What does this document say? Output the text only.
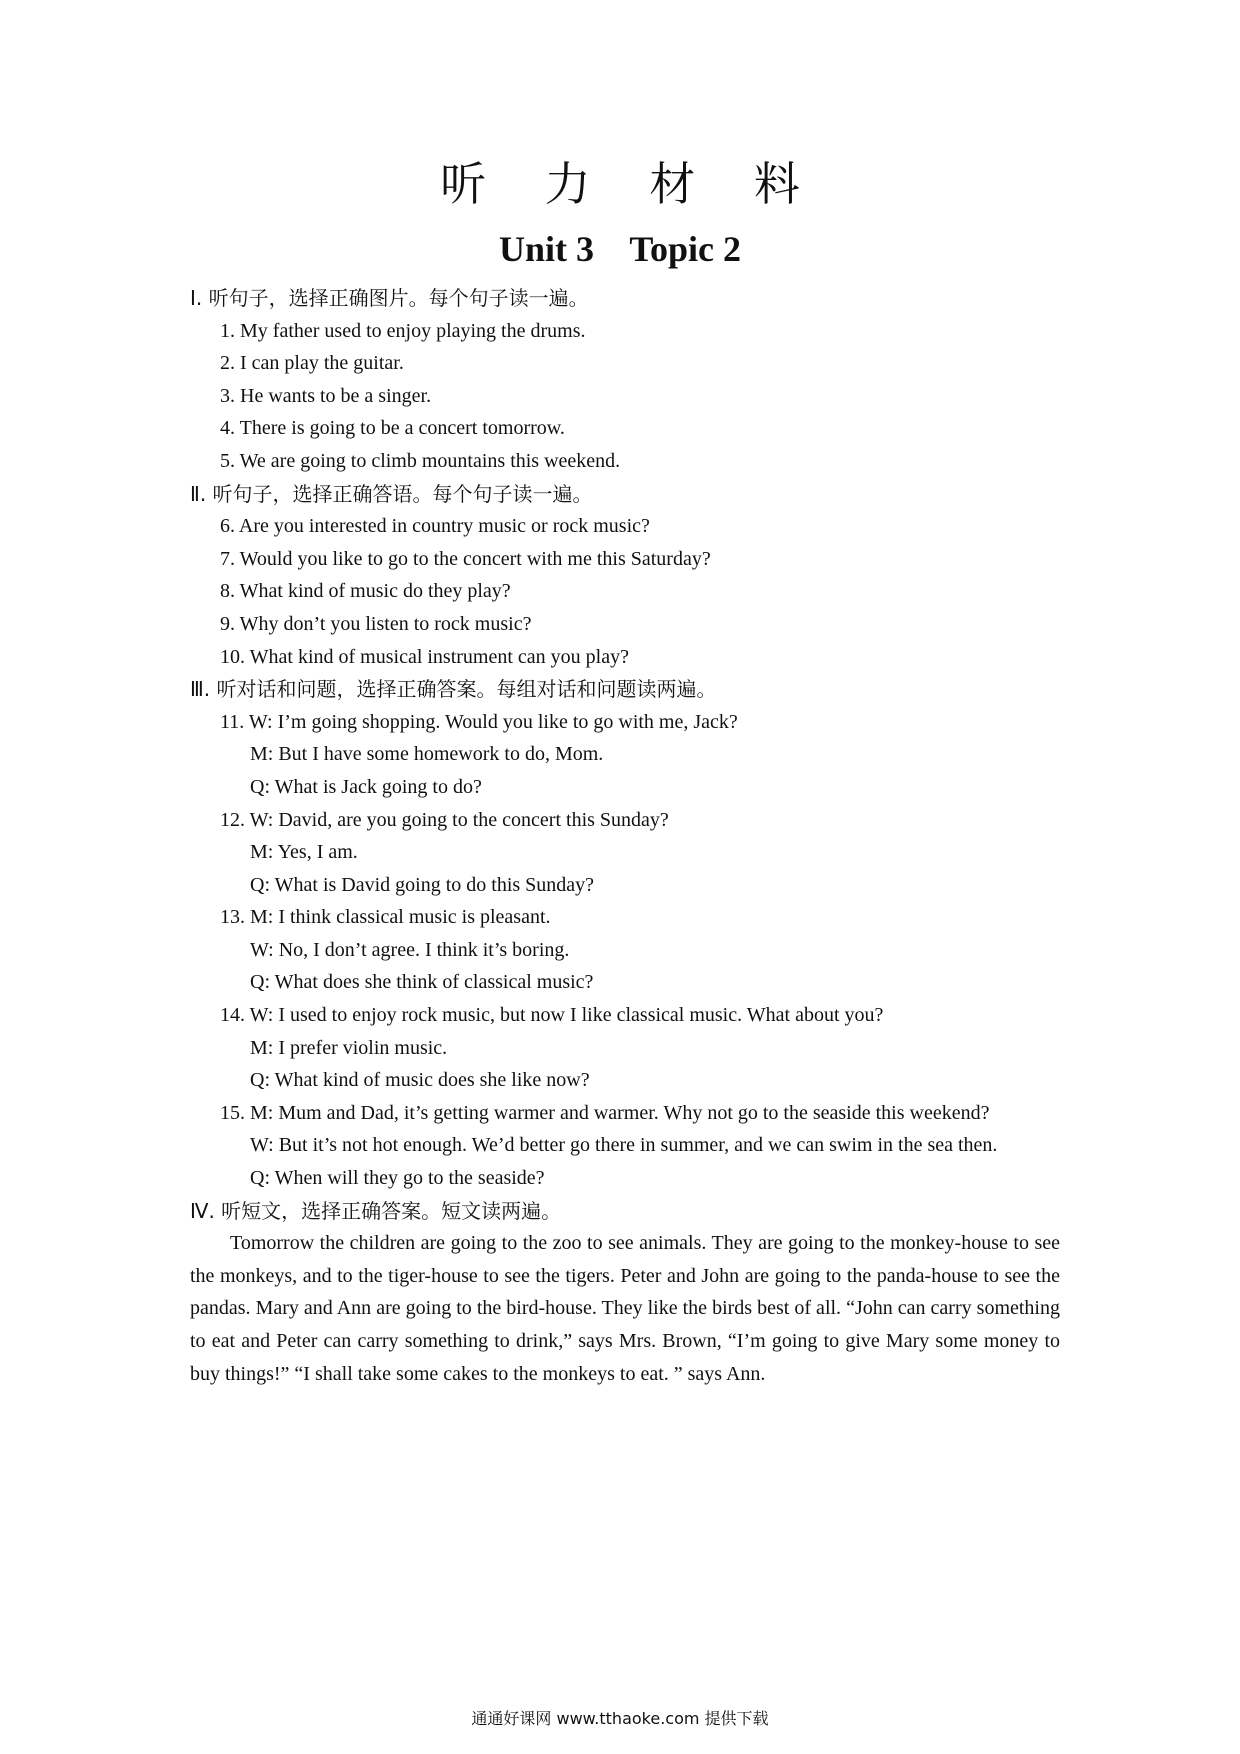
听 力 材 料
Unit 3    Topic 2
Ⅰ. 听句子，选择正确图片。每个句子读一遍。
1. My father used to enjoy playing the drums.
2. I can play the guitar.
3. He wants to be a singer.
4. There is going to be a concert tomorrow.
5. We are going to climb mountains this weekend.
Ⅱ. 听句子，选择正确答语。每个句子读一遍。
6. Are you interested in country music or rock music?
7. Would you like to go to the concert with me this Saturday?
8. What kind of music do they play?
9. Why don’t you listen to rock music?
10. What kind of musical instrument can you play?
Ⅲ. 听对话和问题，选择正确答案。每组对话和问题读两遍。
11. W: I’m going shopping. Would you like to go with me, Jack?
M: But I have some homework to do, Mom.
Q: What is Jack going to do?
12. W: David, are you going to the concert this Sunday?
M: Yes, I am.
Q: What is David going to do this Sunday?
13. M: I think classical music is pleasant.
W: No, I don’t agree. I think it’s boring.
Q: What does she think of classical music?
14. W: I used to enjoy rock music, but now I like classical music. What about you?
M: I prefer violin music.
Q: What kind of music does she like now?
15. M: Mum and Dad, it’s getting warmer and warmer. Why not go to the seaside this weekend?
W: But it’s not hot enough. We’d better go there in summer, and we can swim in the sea then.
Q: When will they go to the seaside?
Ⅳ. 听短文，选择正确答案。短文读两遍。

Tomorrow the children are going to the zoo to see animals. They are going to the monkey-house to see the monkeys, and to the tiger-house to see the tigers. Peter and John are going to the panda-house to see the pandas. Mary and Ann are going to the bird-house. They like the birds best of all. “John can carry something to eat and Peter can carry something to drink,” says Mrs. Brown, “I’m going to give Mary some money to buy things!” “I shall take some cakes to the monkeys to eat. ” says Ann.

通通好课网 www.tthaoke.com 提供下载
